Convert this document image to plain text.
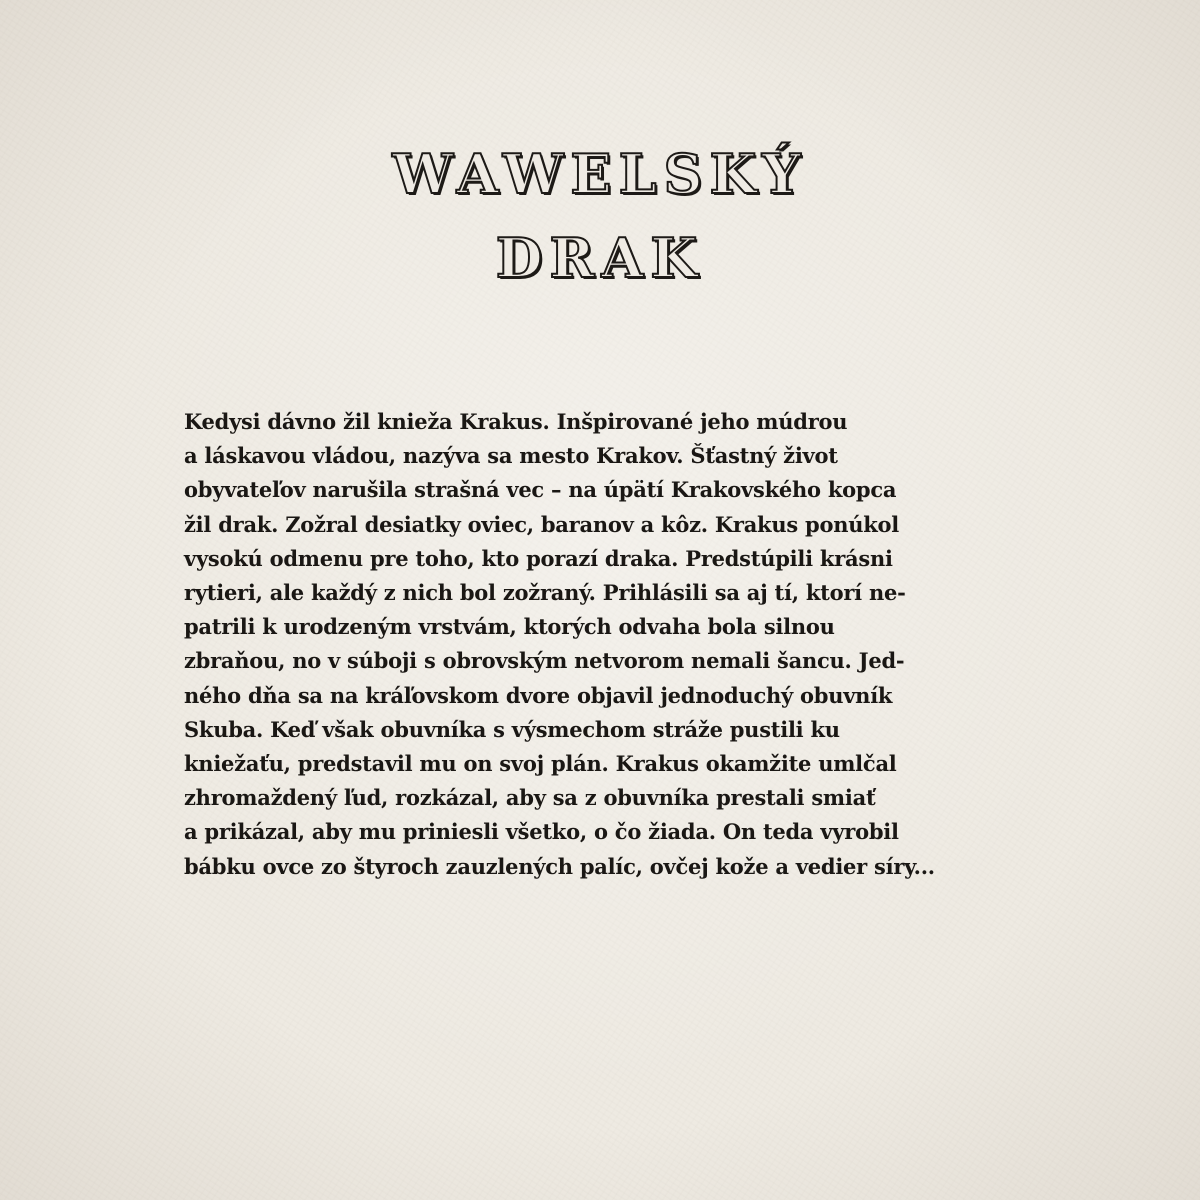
WAWELSKÝ
DRAK
Kedysi dávno žil knieža Krakus. Inšpirované jeho múdrou
a láskavou vládou, nazýva sa mesto Krakov. Šťastný život
obyvateľov narušila strašná vec – na úpätí Krakovského kopca
žil drak. Zožral desiatky oviec, baranov a kôz. Krakus ponúkol
vysokú odmenu pre toho, kto porazí draka. Predstúpili krásni
rytieri, ale každý z nich bol zožraný. Prihlásili sa aj tí, ktorí ne-
patrili k urodzeným vrstvám, ktorých odvaha bola silnou
zbraňou, no v súboji s obrovským netvorom nemali šancu. Jed-
ného dňa sa na kráľovskom dvore objavil jednoduchý obuvník
Skuba. Keď však obuvníka s výsmechom stráže pustili ku
kniežaťu, predstavil mu on svoj plán. Krakus okamžite umlčal
zhromaždený ľud, rozkázal, aby sa z obuvníka prestali smiať
a prikázal, aby mu priniesli všetko, o čo žiada. On teda vyrobil
bábku ovce zo štyroch zauzlených palíc, ovčej kože a vedier síry...
